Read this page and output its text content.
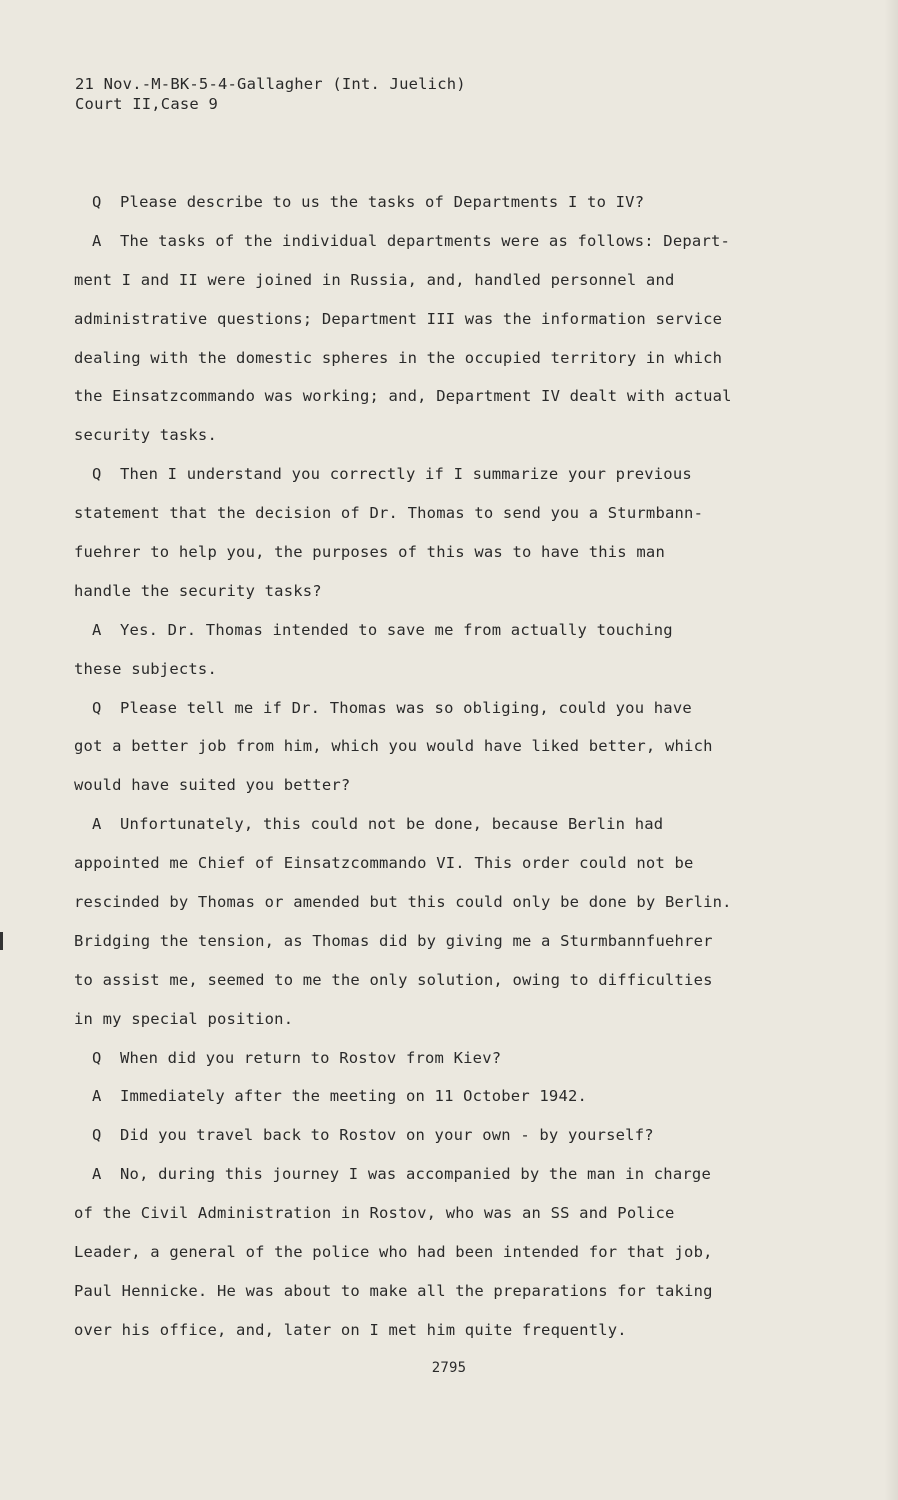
21 Nov.-M-BK-5-4-Gallagher (Int. Juelich)
Court II,Case 9
Q Please describe to us the tasks of Departments I to IV?
A The tasks of the individual departments were as follows: Depart-
ment I and II were joined in Russia, and, handled personnel and
administrative questions; Department III was the information service
dealing with the domestic spheres in the occupied territory in which
the Einsatzcommando was working; and, Department IV dealt with actual
security tasks.
Q Then I understand you correctly if I summarize your previous
statement that the decision of Dr. Thomas to send you a Sturmbann-
fuehrer to help you, the purposes of this was to have this man
handle the security tasks?
A Yes. Dr. Thomas intended to save me from actually touching
these subjects.
Q Please tell me if Dr. Thomas was so obliging, could you have
got a better job from him, which you would have liked better, which
would have suited you better?
A Unfortunately, this could not be done, because Berlin had
appointed me Chief of Einsatzcommando VI. This order could not be
rescinded by Thomas or amended but this could only be done by Berlin.
Bridging the tension, as Thomas did by giving me a Sturmbannfuehrer
to assist me, seemed to me the only solution, owing to difficulties
in my special position.
Q When did you return to Rostov from Kiev?
A Immediately after the meeting on 11 October 1942.
Q Did you travel back to Rostov on your own - by yourself?
A No, during this journey I was accompanied by the man in charge
of the Civil Administration in Rostov, who was an SS and Police
Leader, a general of the police who had been intended for that job,
Paul Hennicke. He was about to make all the preparations for taking
over his office, and, later on I met him quite frequently.
2795
